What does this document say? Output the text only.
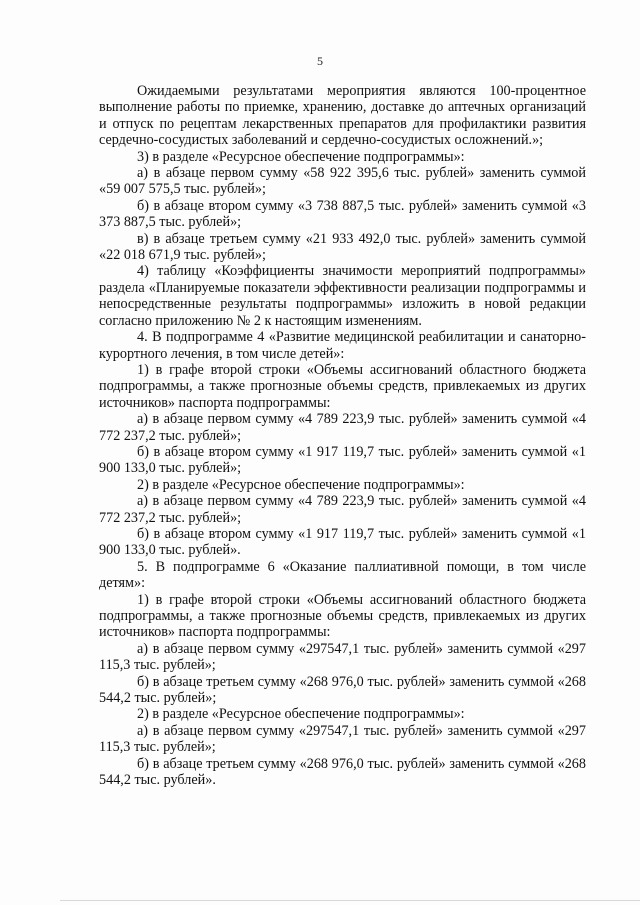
5

Ожидаемыми результатами мероприятия являются 100-процентное выполнение работы по приемке, хранению, доставке до аптечных организаций и отпуск по рецептам лекарственных препаратов для профилактики развития сердечно-сосудистых заболеваний и сердечно-сосудистых осложнений.»;

3) в разделе «Ресурсное обеспечение подпрограммы»:

а) в абзаце первом сумму «58 922 395,6 тыс. рублей» заменить суммой «59 007 575,5 тыс. рублей»;

б) в абзаце втором сумму «3 738 887,5 тыс. рублей» заменить суммой «3 373 887,5 тыс. рублей»;

в) в абзаце третьем сумму «21 933 492,0 тыс. рублей» заменить суммой «22 018 671,9 тыс. рублей»;

4) таблицу «Коэффициенты значимости мероприятий подпрограммы» раздела «Планируемые показатели эффективности реализации подпрограммы и непосредственные результаты подпрограммы» изложить в новой редакции согласно приложению № 2 к настоящим изменениям.

4. В подпрограмме 4 «Развитие медицинской реабилитации и санаторно-курортного лечения, в том числе детей»:

1) в графе второй строки «Объемы ассигнований областного бюджета подпрограммы, а также прогнозные объемы средств, привлекаемых из других источников» паспорта подпрограммы:

а) в абзаце первом сумму «4 789 223,9 тыс. рублей» заменить суммой «4 772 237,2 тыс. рублей»;

б) в абзаце втором сумму «1 917 119,7 тыс. рублей» заменить суммой «1 900 133,0 тыс. рублей»;

2) в разделе «Ресурсное обеспечение подпрограммы»:

а) в абзаце первом сумму «4 789 223,9 тыс. рублей» заменить суммой «4 772 237,2 тыс. рублей»;

б) в абзаце втором сумму «1 917 119,7 тыс. рублей» заменить суммой «1 900 133,0 тыс. рублей».

5. В подпрограмме 6 «Оказание паллиативной помощи, в том числе детям»:

1) в графе второй строки «Объемы ассигнований областного бюджета подпрограммы, а также прогнозные объемы средств, привлекаемых из других источников» паспорта подпрограммы:

а) в абзаце первом сумму «297547,1 тыс. рублей» заменить суммой «297 115,3 тыс. рублей»;

б) в абзаце третьем сумму «268 976,0 тыс. рублей» заменить суммой «268 544,2 тыс. рублей»;

2) в разделе «Ресурсное обеспечение подпрограммы»:

а) в абзаце первом сумму «297547,1 тыс. рублей» заменить суммой «297 115,3 тыс. рублей»;

б) в абзаце третьем сумму «268 976,0 тыс. рублей» заменить суммой «268 544,2 тыс. рублей».
